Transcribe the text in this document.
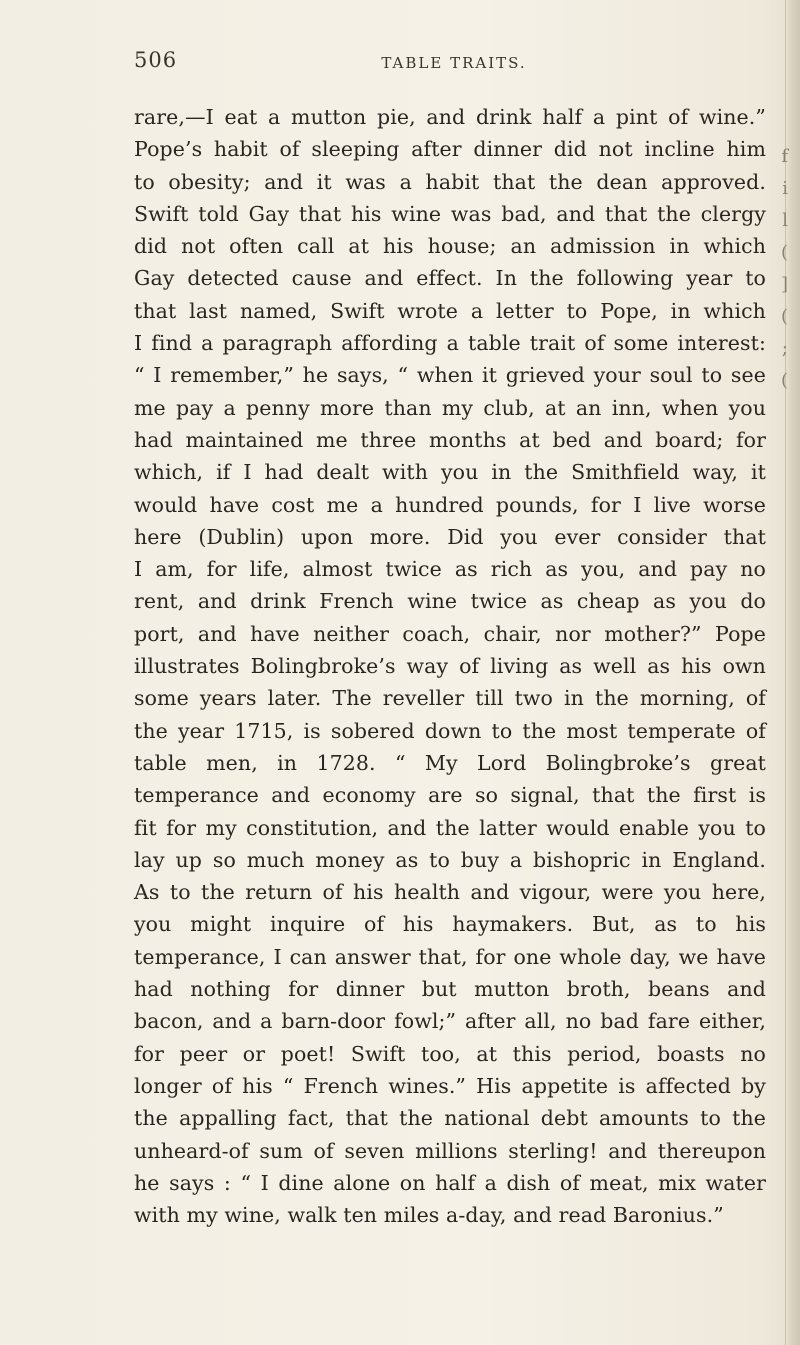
f
i
l
(
]
(
;
(
506	TABLE TRAITS.
rare,—I eat a mutton pie, and drink half a pint of wine.”
Pope’s habit of sleeping after dinner did not incline him
to obesity; and it was a habit that the dean approved.
Swift told Gay that his wine was bad, and that the clergy
did not often call at his house; an admission in which
Gay detected cause and effect. In the following year to
that last named, Swift wrote a letter to Pope, in which
I find a paragraph affording a table trait of some interest:
“ I remember,” he says, “ when it grieved your soul to see
me pay a penny more than my club, at an inn, when you
had maintained me three months at bed and board; for
which, if I had dealt with you in the Smithfield way, it
would have cost me a hundred pounds, for I live worse
here (Dublin) upon more. Did you ever consider that
I am, for life, almost twice as rich as you, and pay no
rent, and drink French wine twice as cheap as you do
port, and have neither coach, chair, nor mother?” Pope
illustrates Bolingbroke’s way of living as well as his own
some years later. The reveller till two in the morning, of
the year 1715, is sobered down to the most temperate of
table men, in 1728. “ My Lord Bolingbroke’s great
temperance and economy are so signal, that the first is
fit for my constitution, and the latter would enable you to
lay up so much money as to buy a bishopric in England.
As to the return of his health and vigour, were you here,
you might inquire of his haymakers. But, as to his
temperance, I can answer that, for one whole day, we have
had nothing for dinner but mutton broth, beans and
bacon, and a barn-door fowl;” after all, no bad fare either,
for peer or poet! Swift too, at this period, boasts no
longer of his “ French wines.” His appetite is affected by
the appalling fact, that the national debt amounts to the
unheard-of sum of seven millions sterling! and thereupon
he says : “ I dine alone on half a dish of meat, mix water
with my wine, walk ten miles a-day, and read Baronius.”
